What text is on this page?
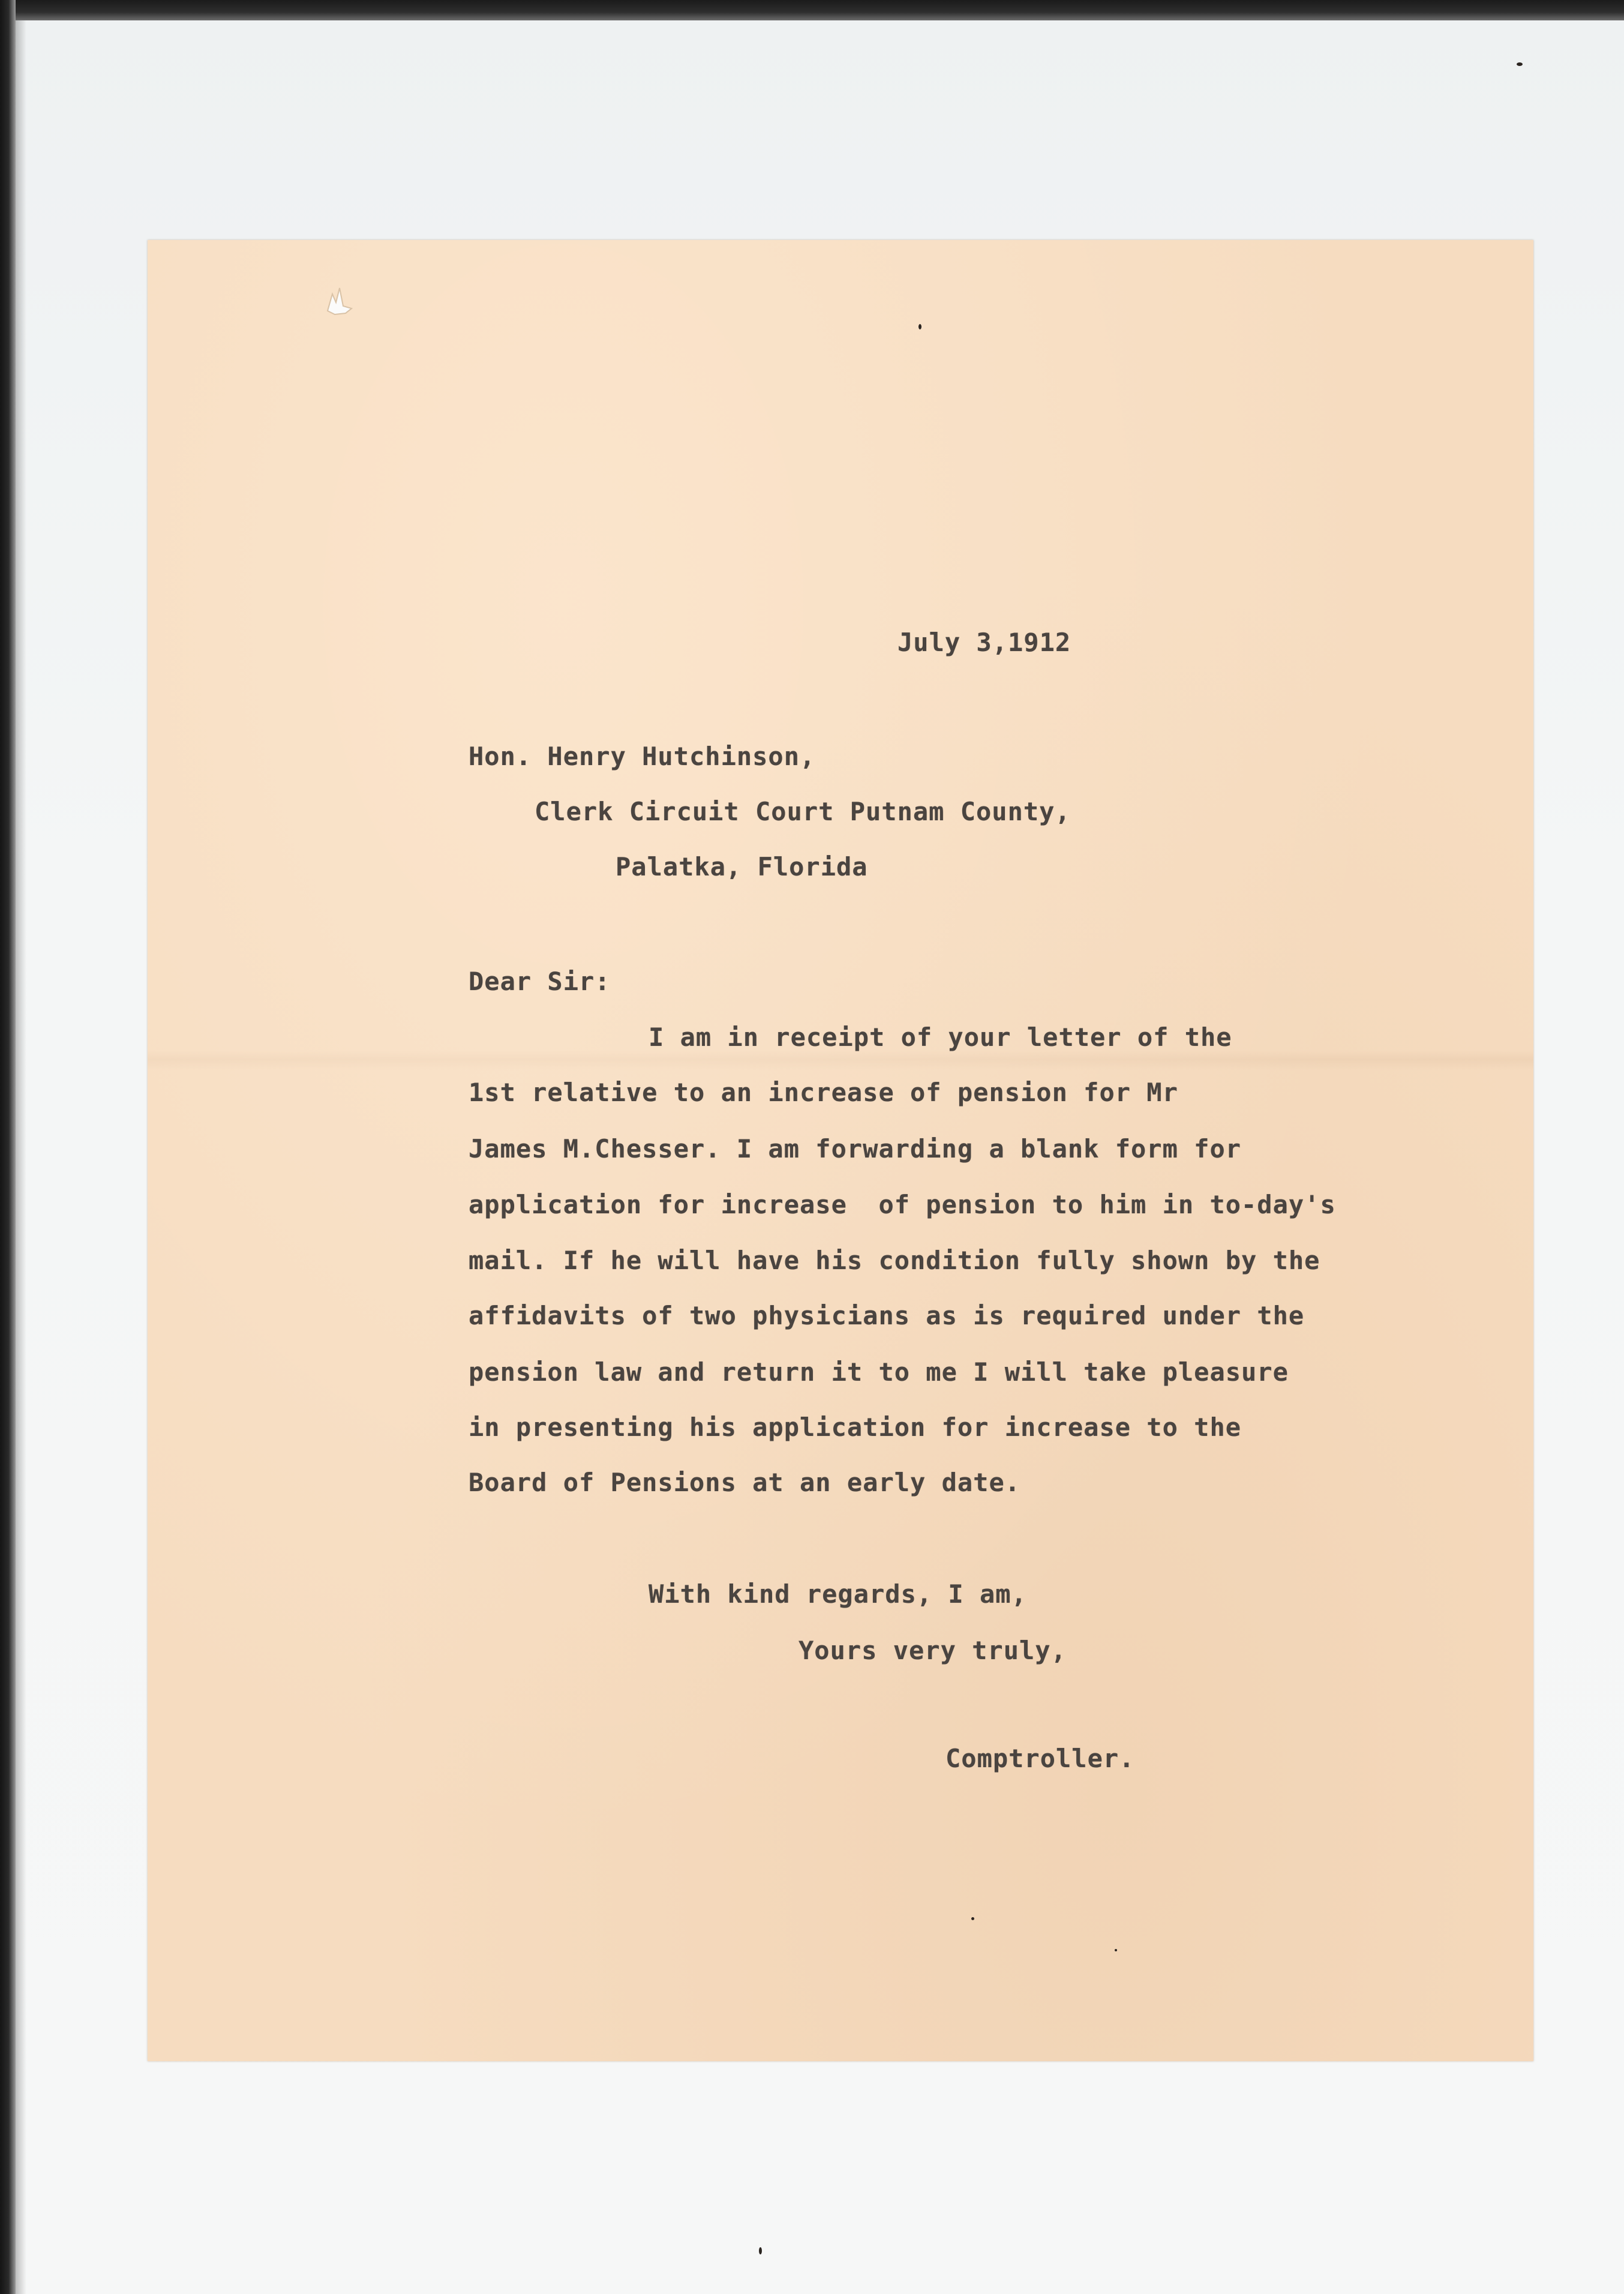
July 3,1912
Hon. Henry Hutchinson,
Clerk Circuit Court Putnam County,
Palatka, Florida
Dear Sir:
I am in receipt of your letter of the
1st relative to an increase of pension for Mr
James M.Chesser. I am forwarding a blank form for
application for increase  of pension to him in to-day's
mail. If he will have his condition fully shown by the
affidavits of two physicians as is required under the
pension law and return it to me I will take pleasure
in presenting his application for increase to the
Board of Pensions at an early date.
With kind regards, I am,
Yours very truly,
Comptroller.
